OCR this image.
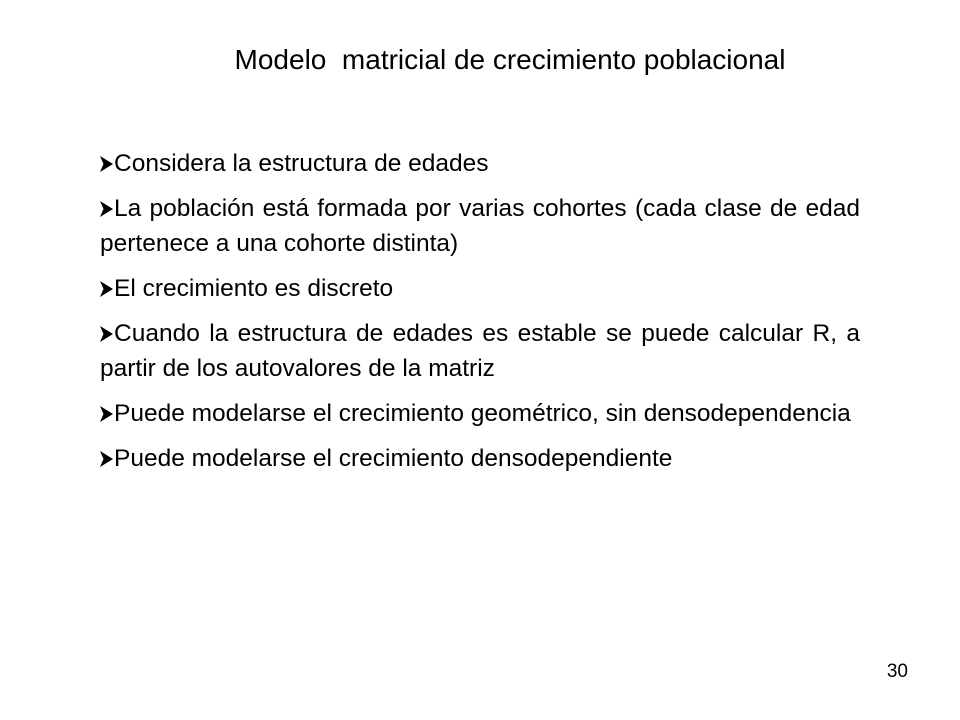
Modelo  matricial de crecimiento poblacional
Considera la estructura de edades
La población está formada por varias cohortes (cada clase de edad pertenece a una cohorte distinta)
El crecimiento es discreto
Cuando la estructura de edades es estable se puede calcular R, a partir de los autovalores de la matriz
Puede modelarse el crecimiento geométrico, sin densodependencia
Puede modelarse el crecimiento densodependiente
30
